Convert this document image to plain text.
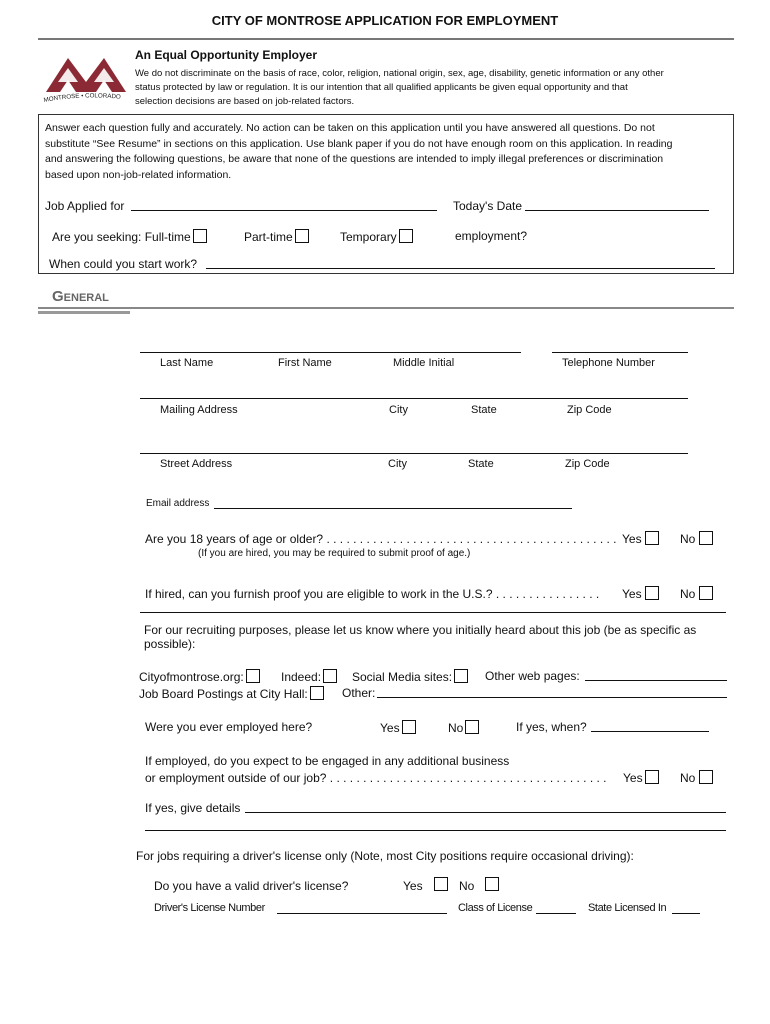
CITY OF MONTROSE APPLICATION FOR EMPLOYMENT
MONTROSE • COLORADO
An Equal Opportunity Employer
We do not discriminate on the basis of race, color, religion, national origin, sex, age, disability, genetic information or any other
status protected by law or regulation. It is our intention that all qualified applicants be given equal opportunity and that
selection decisions are based on job-related factors.
Answer each question fully and accurately. No action can be taken on this application until you have answered all questions. Do not
substitute “See Resume” in sections on this application. Use blank paper if you do not have enough room on this application. In reading
and answering the following questions, be aware that none of the questions are intended to imply illegal preferences or discrimination
based upon non-job-related information.
Job Applied for	Today's Date
Are you seeking: Full-time	Part-time	Temporary	employment?
When could you start work?
GENERAL
Last Name	First Name	Middle Initial	Telephone Number
Mailing Address	City	State	Zip Code
Street Address	City	State	Zip Code
Email address
Are you 18 years of age or older? . . . . . . . . . . . . . . . . . . . . . . . . . . . . . . . . . . . . . . . . . . . . Yes	No
(If you are hired, you may be required to submit proof of age.)
If hired, can you furnish proof you are eligible to work in the U.S.? . . . . . . . . . . . . . . . . Yes	No
For our recruiting purposes, please let us know where you initially heard about this job (be as specific as
possible):
Cityofmontrose.org:	Indeed:	Social Media sites:	Other web pages:
Job Board Postings at City Hall:	Other:
Were you ever employed here?	Yes	No	If yes, when?
If employed, do you expect to be engaged in any additional business
or employment outside of our job? . . . . . . . . . . . . . . . . . . . . . . . . . . . . . . . . . . . . . . . . . . Yes	No
If yes, give details
For jobs requiring a driver's license only (Note, most City positions require occasional driving):
Do you have a valid driver's license?	Yes	No
Driver's License Number	Class of License	State Licensed In
